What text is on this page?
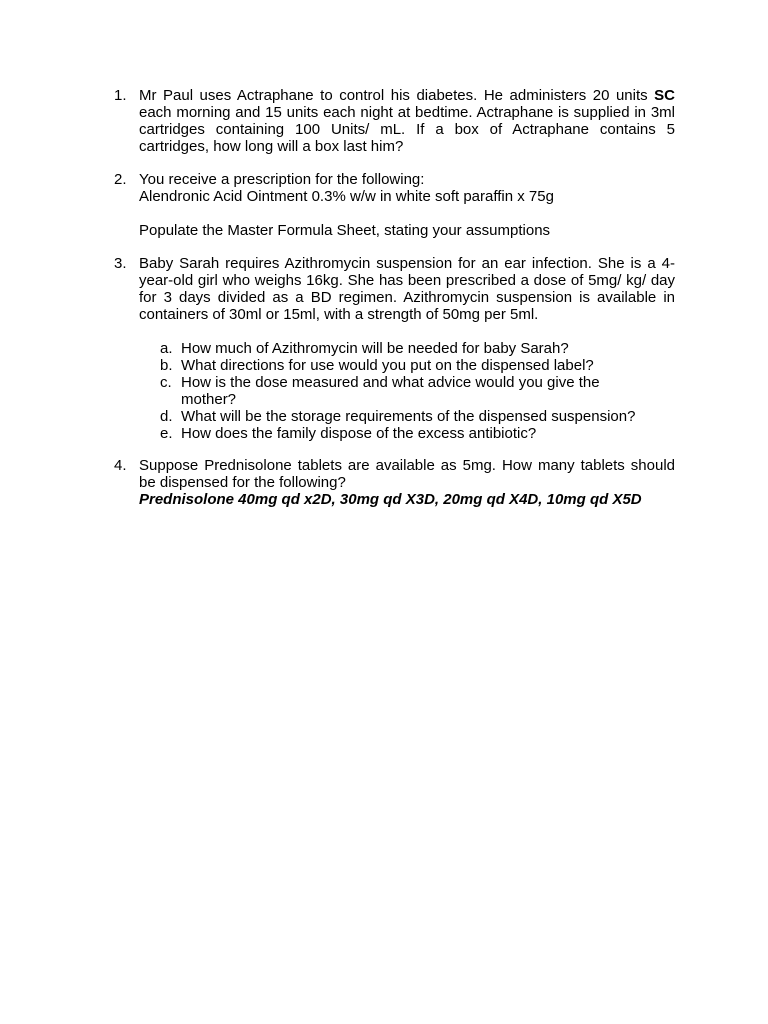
1. Mr Paul uses Actraphane to control his diabetes. He administers 20 units SC each morning and 15 units each night at bedtime. Actraphane is supplied in 3ml cartridges containing 100 Units/ mL. If a box of Actraphane contains 5 cartridges, how long will a box last him?
2. You receive a prescription for the following:
Alendronic Acid Ointment 0.3% w/w in white soft paraffin x 75g
Populate the Master Formula Sheet, stating your assumptions
3. Baby Sarah requires Azithromycin suspension for an ear infection. She is a 4-year-old girl who weighs 16kg. She has been prescribed a dose of 5mg/ kg/ day for 3 days divided as a BD regimen. Azithromycin suspension is available in containers of 30ml or 15ml, with a strength of 50mg per 5ml.
a. How much of Azithromycin will be needed for baby Sarah?
b. What directions for use would you put on the dispensed label?
c. How is the dose measured and what advice would you give the mother?
d. What will be the storage requirements of the dispensed suspension?
e. How does the family dispose of the excess antibiotic?
4. Suppose Prednisolone tablets are available as 5mg. How many tablets should be dispensed for the following?
Prednisolone 40mg qd x2D, 30mg qd X3D, 20mg qd X4D, 10mg qd X5D
